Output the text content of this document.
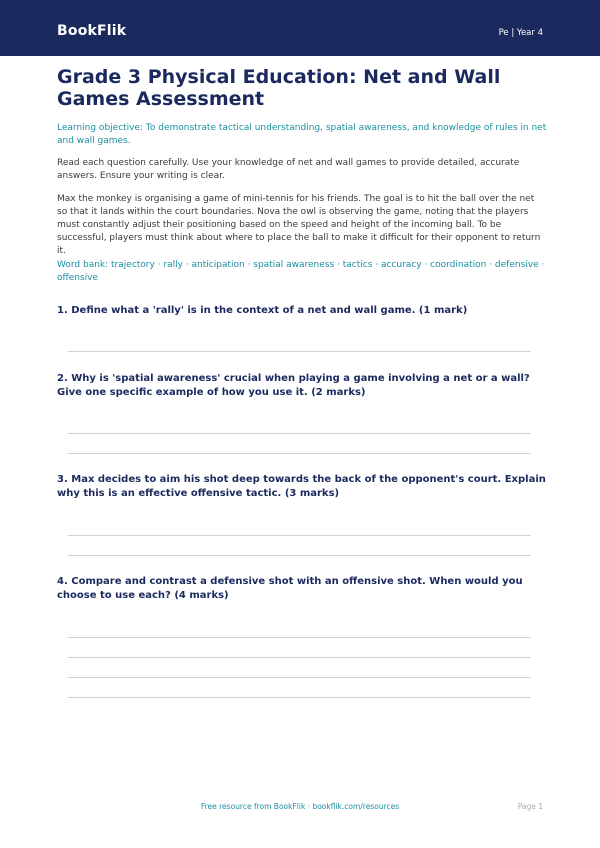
BookFlik	Pe | Year 4
Grade 3 Physical Education: Net and Wall Games Assessment

Learning objective: To demonstrate tactical understanding, spatial awareness, and knowledge of rules in net and wall games.

Read each question carefully. Use your knowledge of net and wall games to provide detailed, accurate answers. Ensure your writing is clear.

Max the monkey is organising a game of mini-tennis for his friends. The goal is to hit the ball over the net so that it lands within the court boundaries. Nova the owl is observing the game, noting that the players must constantly adjust their positioning based on the speed and height of the incoming ball. To be successful, players must think about where to place the ball to make it difficult for their opponent to return it.

Word bank: trajectory · rally · anticipation · spatial awareness · tactics · accuracy · coordination · defensive · offensive

1. Define what a 'rally' is in the context of a net and wall game. (1 mark)

2. Why is 'spatial awareness' crucial when playing a game involving a net or a wall? Give one specific example of how you use it. (2 marks)

3. Max decides to aim his shot deep towards the back of the opponent's court. Explain why this is an effective offensive tactic. (3 marks)

4. Compare and contrast a defensive shot with an offensive shot. When would you choose to use each? (4 marks)

Free resource from BookFlik · bookflik.com/resources	Page 1
